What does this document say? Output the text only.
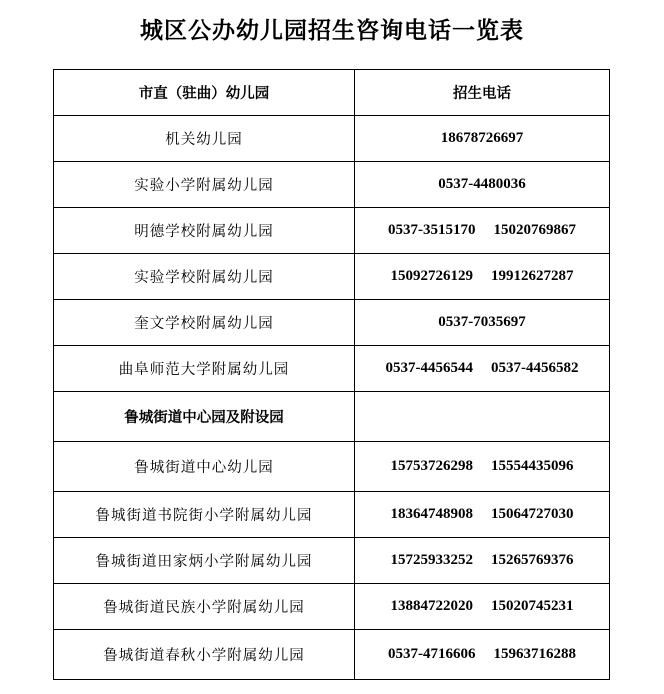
城区公办幼儿园招生咨询电话一览表
市直（驻曲）幼儿园	招生电话
机关幼儿园	18678726697
实验小学附属幼儿园	0537-4480036
明德学校附属幼儿园	0537-3515170 15020769867
实验学校附属幼儿园	15092726129 19912627287
奎文学校附属幼儿园	0537-7035697
曲阜师范大学附属幼儿园	0537-4456544 0537-4456582
鲁城街道中心园及附设园	
鲁城街道中心幼儿园	15753726298 15554435096
鲁城街道书院街小学附属幼儿园	18364748908 15064727030
鲁城街道田家炳小学附属幼儿园	15725933252 15265769376
鲁城街道民族小学附属幼儿园	13884722020 15020745231
鲁城街道春秋小学附属幼儿园	0537-4716606 15963716288
